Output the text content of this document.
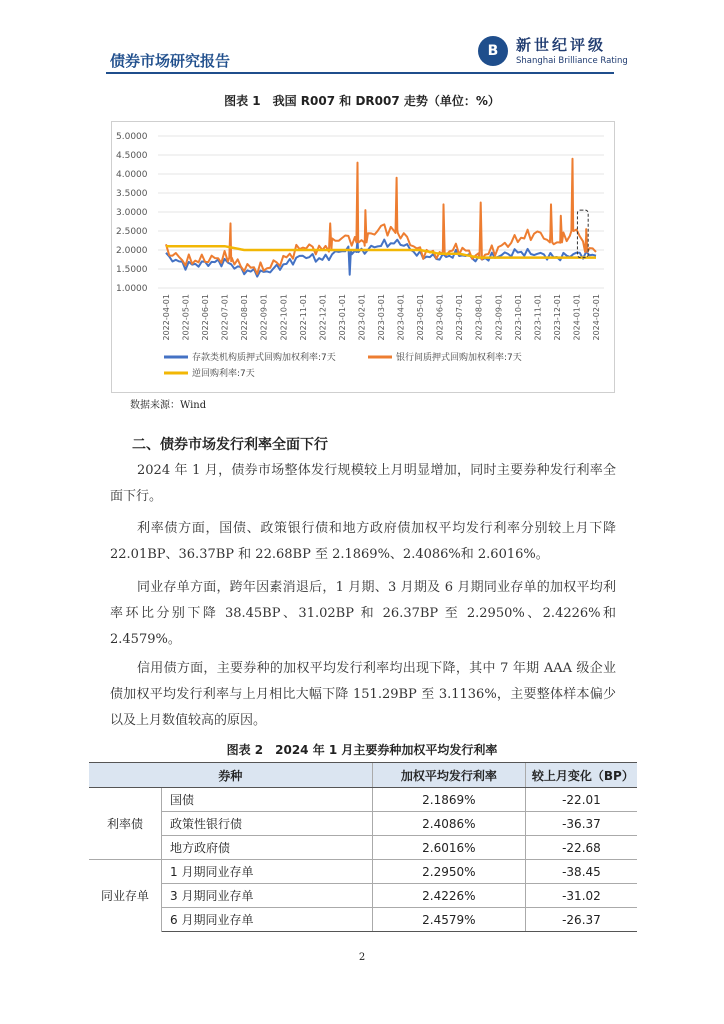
债券市场研究报告
B	新世纪评级
Shanghai Brilliance Rating
图表 1　我国 R007 和 DR007 走势（单位：%）
5.0000
4.5000
4.0000
3.5000
3.0000
2.5000
2.0000
1.5000
1.0000
2022-04-01 2022-05-01 2022-06-01 2022-07-01 2022-08-01 2022-09-01 2022-10-01 2022-11-01 2022-12-01 2023-01-01 2023-02-01 2023-03-01 2023-04-01 2023-05-01 2023-06-01 2023-07-01 2023-08-01 2023-09-01 2023-10-01 2023-11-01 2023-12-01 2024-01-01 2024-02-01
存款类机构质押式回购加权利率:7天	银行间质押式回购加权利率:7天
逆回购利率:7天
数据来源：Wind
二、债券市场发行利率全面下行

2024 年 1 月，债券市场整体发行规模较上月明显增加，同时主要券种发行利率全面下行。

利率债方面，国债、政策银行债和地方政府债加权平均发行利率分别较上月下降 22.01BP、36.37BP 和 22.68BP 至 2.1869%、2.4086%和 2.6016%。

同业存单方面，跨年因素消退后，1 月期、3 月期及 6 月期同业存单的加权平均利率环比分别下降 38.45BP、31.02BP 和 26.37BP 至 2.2950%、2.4226%和 2.4579%。

信用债方面，主要券种的加权平均发行利率均出现下降，其中 7 年期 AAA 级企业债加权平均发行利率与上月相比大幅下降 151.29BP 至 3.1136%，主要整体样本偏少以及上月数值较高的原因。

图表 2　2024 年 1 月主要券种加权平均发行利率
券种		加权平均发行利率	较上月变化（BP）
利率债	国债	2.1869%	-22.01
	政策性银行债	2.4086%	-36.37
	地方政府债	2.6016%	-22.68
同业存单	1 月期同业存单	2.2950%	-38.45
	3 月期同业存单	2.4226%	-31.02
	6 月期同业存单	2.4579%	-26.37
2
